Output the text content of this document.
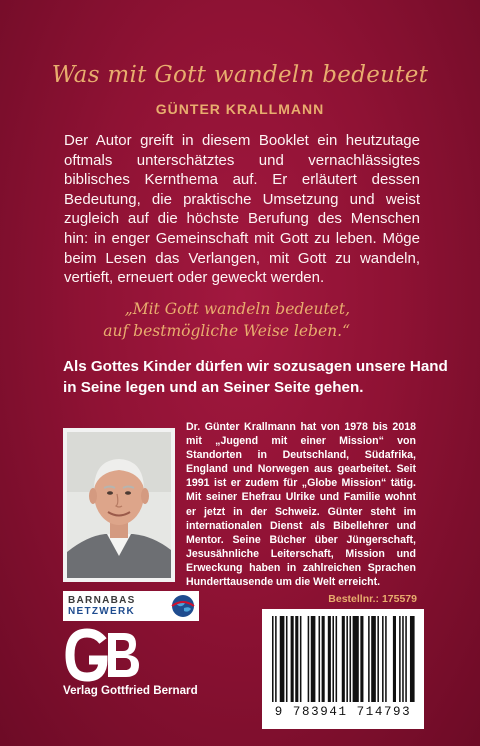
Was mit Gott wandeln bedeutet
GÜNTER KRALLMANN

Der Autor greift in diesem Booklet ein heutzutage oftmals unterschätztes und vernachlässigtes biblisches Kernthema auf. Er erläutert dessen Bedeutung, die praktische Umsetzung und weist zugleich auf die höchste Berufung des Menschen hin: in enger Gemeinschaft mit Gott zu leben. Möge beim Lesen das Verlangen, mit Gott zu wandeln, vertieft, erneuert oder geweckt werden.

„Mit Gott wandeln bedeutet,

auf bestmögliche Weise leben.“

Als Gottes Kinder dürfen wir sozusagen unsere Hand

in Seine legen und an Seiner Seite gehen.

Dr. Günter Krallmann hat von 1978 bis 2018 mit „Jugend mit einer Mission“ von Standorten in Deutschland, Südafrika, England und Norwegen aus gearbeitet. Seit 1991 ist er zudem für „Globe Mission“ tätig. Mit seiner Ehefrau Ulrike und Familie wohnt er jetzt in der Schweiz. Günter steht im internationalen Dienst als Bibellehrer und Mentor. Seine Bücher über Jüngerschaft, Jesusähnliche Leiterschaft, Mission und Erweckung haben in zahlreichen Sprachen Hunderttausende um die Welt erreicht.

Bestellnr.: 175579
BARNABAS
NETZWERK
Verlag Gottfried Bernard
9 783941 714793
